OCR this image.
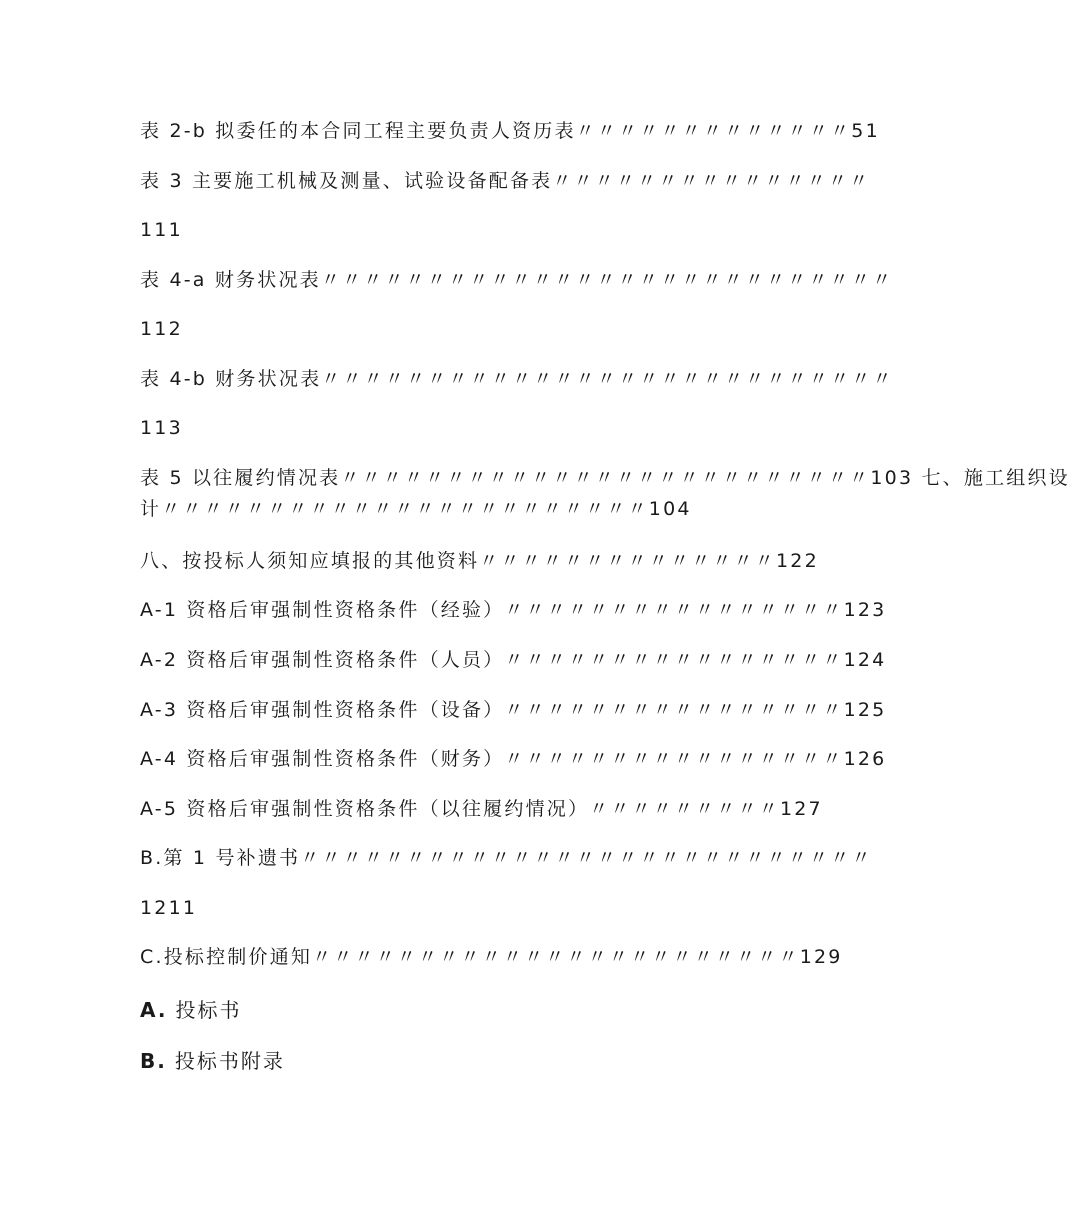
表 2-b 拟委任的本合同工程主要负责人资历表〃〃〃〃〃〃〃〃〃〃〃〃〃51
表 3 主要施工机械及测量、试验设备配备表〃〃〃〃〃〃〃〃〃〃〃〃〃〃〃
111
表 4-a 财务状况表〃〃〃〃〃〃〃〃〃〃〃〃〃〃〃〃〃〃〃〃〃〃〃〃〃〃〃
112
表 4-b 财务状况表〃〃〃〃〃〃〃〃〃〃〃〃〃〃〃〃〃〃〃〃〃〃〃〃〃〃〃
113
表 5 以往履约情况表〃〃〃〃〃〃〃〃〃〃〃〃〃〃〃〃〃〃〃〃〃〃〃〃〃103 七、施工组织设
计〃〃〃〃〃〃〃〃〃〃〃〃〃〃〃〃〃〃〃〃〃〃〃104
八、按投标人须知应填报的其他资料〃〃〃〃〃〃〃〃〃〃〃〃〃〃122
A-1 资格后审强制性资格条件（经验）〃〃〃〃〃〃〃〃〃〃〃〃〃〃〃〃123
A-2 资格后审强制性资格条件（人员）〃〃〃〃〃〃〃〃〃〃〃〃〃〃〃〃124
A-3 资格后审强制性资格条件（设备）〃〃〃〃〃〃〃〃〃〃〃〃〃〃〃〃125
A-4 资格后审强制性资格条件（财务）〃〃〃〃〃〃〃〃〃〃〃〃〃〃〃〃126
A-5 资格后审强制性资格条件（以往履约情况）〃〃〃〃〃〃〃〃〃127
B.第 1 号补遗书〃〃〃〃〃〃〃〃〃〃〃〃〃〃〃〃〃〃〃〃〃〃〃〃〃〃〃
1211
C.投标控制价通知〃〃〃〃〃〃〃〃〃〃〃〃〃〃〃〃〃〃〃〃〃〃〃129
A. 投标书
B. 投标书附录
